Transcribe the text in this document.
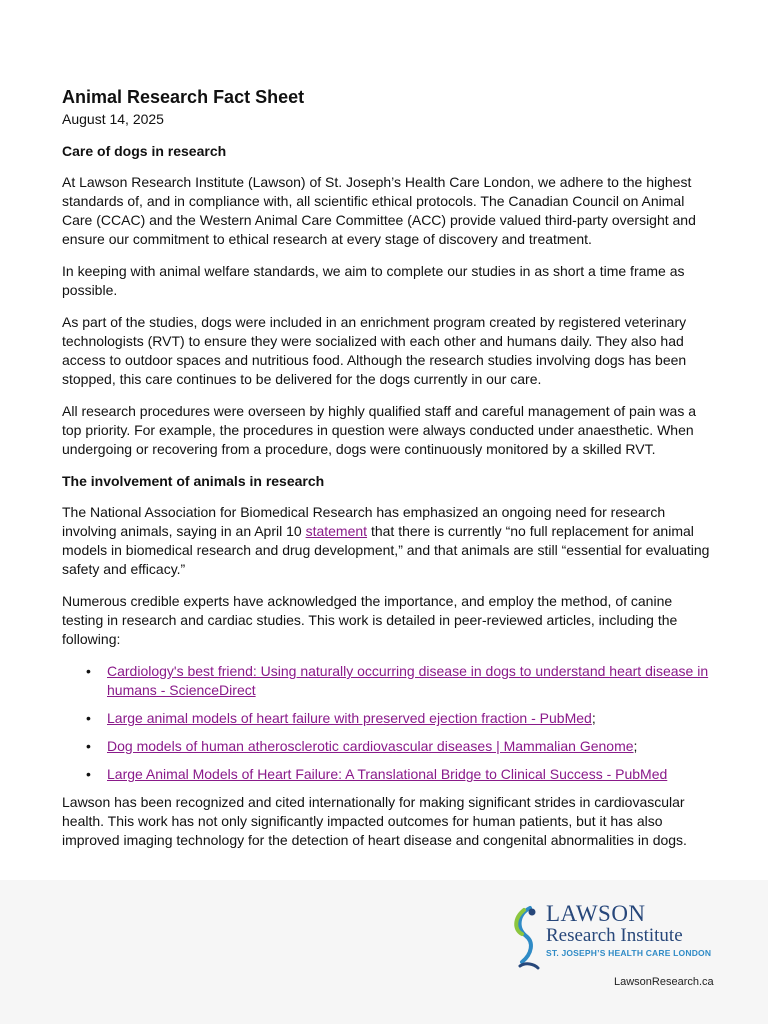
Animal Research Fact Sheet
August 14, 2025
Care of dogs in research

At Lawson Research Institute (Lawson) of St. Joseph’s Health Care London, we adhere to the highest standards of, and in compliance with, all scientific ethical protocols. The Canadian Council on Animal Care (CCAC) and the Western Animal Care Committee (ACC) provide valued third-party oversight and ensure our commitment to ethical research at every stage of discovery and treatment.

In keeping with animal welfare standards, we aim to complete our studies in as short a time frame as possible.

As part of the studies, dogs were included in an enrichment program created by registered veterinary technologists (RVT) to ensure they were socialized with each other and humans daily. They also had access to outdoor spaces and nutritious food. Although the research studies involving dogs has been stopped, this care continues to be delivered for the dogs currently in our care.

All research procedures were overseen by highly qualified staff and careful management of pain was a top priority. For example, the procedures in question were always conducted under anaesthetic. When undergoing or recovering from a procedure, dogs were continuously monitored by a skilled RVT.

The involvement of animals in research

The National Association for Biomedical Research has emphasized an ongoing need for research involving animals, saying in an April 10 statement that there is currently “no full replacement for animal models in biomedical research and drug development,” and that animals are still “essential for evaluating safety and efficacy.”

Numerous credible experts have acknowledged the importance, and employ the method, of canine testing in research and cardiac studies. This work is detailed in peer-reviewed articles, including the following:

• Cardiology's best friend: Using naturally occurring disease in dogs to understand heart disease in humans - ScienceDirect
• Large animal models of heart failure with preserved ejection fraction - PubMed;
• Dog models of human atherosclerotic cardiovascular diseases | Mammalian Genome;
• Large Animal Models of Heart Failure: A Translational Bridge to Clinical Success - PubMed

Lawson has been recognized and cited internationally for making significant strides in cardiovascular health. This work has not only significantly impacted outcomes for human patients, but it has also improved imaging technology for the detection of heart disease and congenital abnormalities in dogs.

LAWSON
Research Institute
ST. JOSEPH’S HEALTH CARE LONDON
LawsonResearch.ca
